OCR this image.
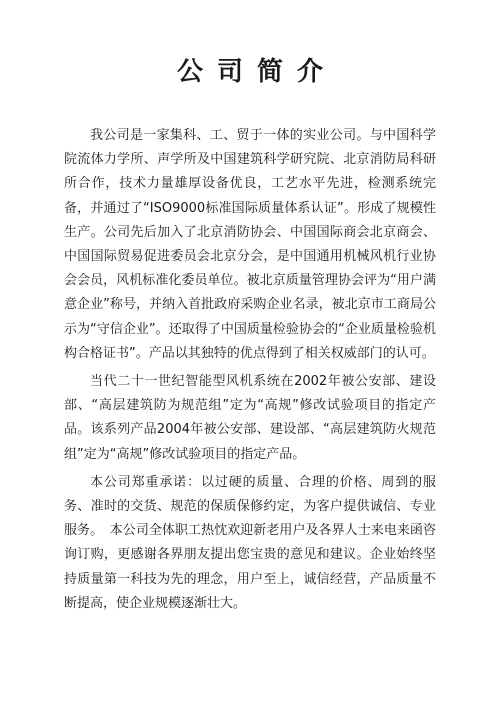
公司简介

我公司是一家集科、工、贸于一体的实业公司。与中国科学院流体力学所、声学所及中国建筑科学研究院、北京消防局科研所合作，技术力量雄厚设备优良，工艺水平先进，检测系统完备，并通过了“ISO9000标准国际质量体系认证”。形成了规模性生产。公司先后加入了北京消防协会、中国国际商会北京商会、中国国际贸易促进委员会北京分会，是中国通用机械风机行业协会会员，风机标准化委员单位。被北京质量管理协会评为“用户满意企业”称号，并纳入首批政府采购企业名录，被北京市工商局公示为“守信企业”。还取得了中国质量检验协会的“企业质量检验机构合格证书”。产品以其独特的优点得到了相关权威部门的认可。

当代二十一世纪智能型风机系统在2002年被公安部、建设部、“高层建筑防为规范组”定为“高规”修改试验项目的指定产品。该系列产品2004年被公安部、建设部、“高层建筑防火规范组”定为“高规”修改试验项目的指定产品。

本公司郑重承诺：以过硬的质量、合理的价格、周到的服务、准时的交货、规范的保质保修约定，为客户提供诚信、专业服务。　本公司全体职工热忱欢迎新老用户及各界人士来电来函咨询订购，更感谢各界朋友提出您宝贵的意见和建议。企业始终坚持质量第一科技为先的理念，用户至上，诚信经营，产品质量不断提高，使企业规模逐渐壮大。
